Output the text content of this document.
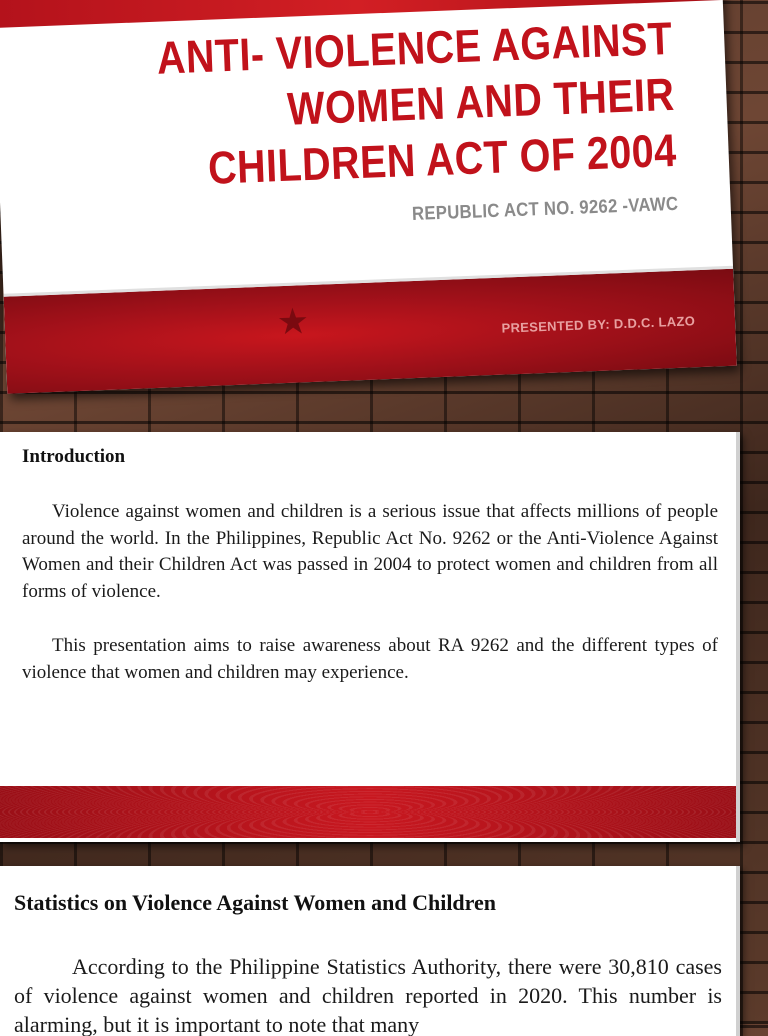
ANTI- VIOLENCE AGAINST WOMEN AND THEIR CHILDREN ACT OF 2004
REPUBLIC ACT NO. 9262 -VAWC
★	PRESENTED BY: D.D.C. LAZO
Introduction

Violence against women and children is a serious issue that affects millions of people around the world. In the Philippines, Republic Act No. 9262 or the Anti-Violence Against Women and their Children Act was passed in 2004 to protect women and children from all forms of violence.

This presentation aims to raise awareness about RA 9262 and the different types of violence that women and children may experience.

Statistics on Violence Against Women and Children

According to the Philippine Statistics Authority, there were 30,810 cases of violence against women and children reported in 2020. This number is alarming, but it is important to note that many
